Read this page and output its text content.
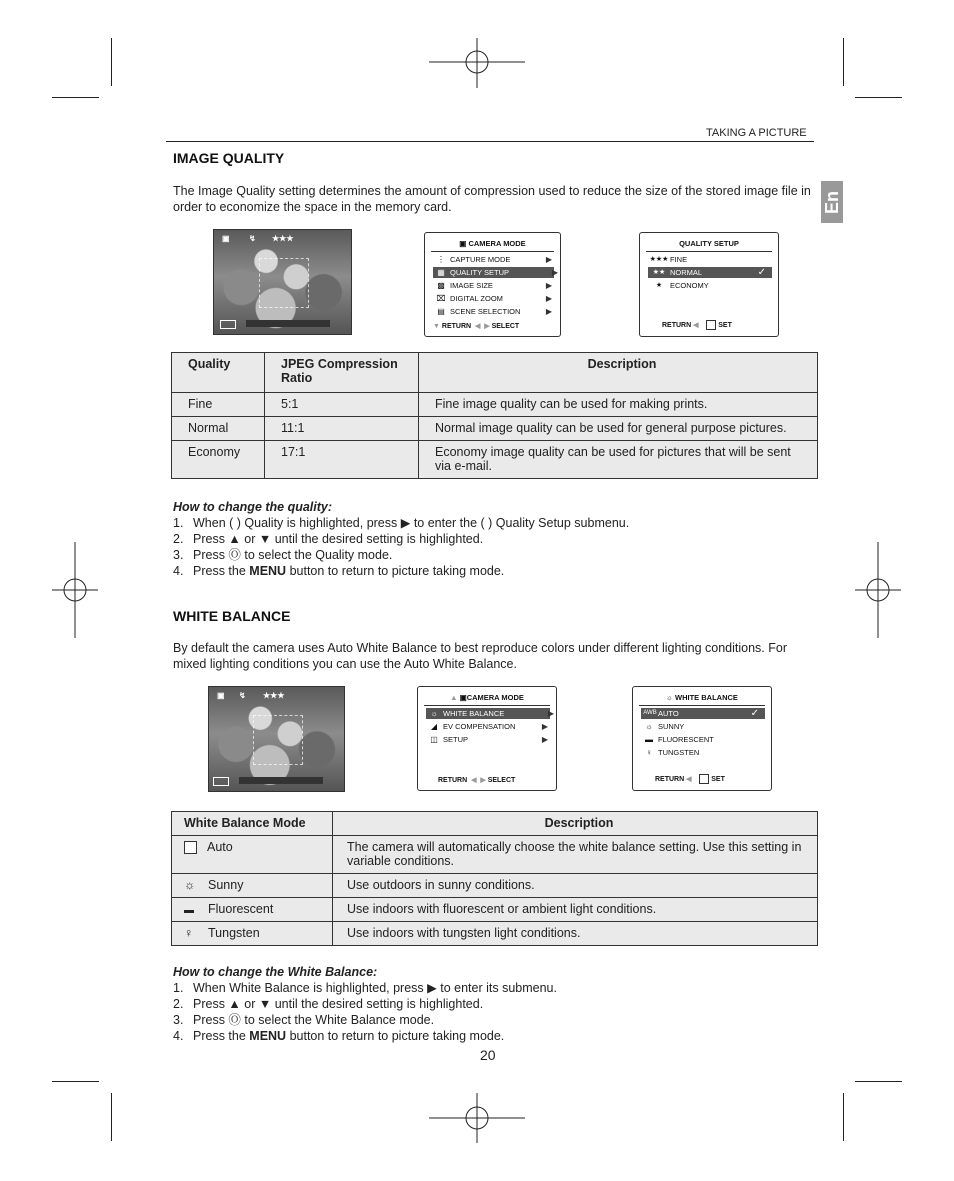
TAKING A PICTURE
En
IMAGE QUALITY
The Image Quality setting determines the amount of compression used to reduce the size of the stored image file in order to economize the space in the memory card.
▣ ↯ ★★★
▣ CAMERA MODE
⋮ CAPTURE MODE	▶
▦ QUALITY SETUP	▶
▩ IMAGE SIZE	▶
⌧ DIGITAL ZOOM	▶
▤ SCENE SELECTION	▶
▼ RETURN  ◀  ▶ SELECT
QUALITY SETUP
★★★ FINE
★★ NORMAL	✓
★	ECONOMY
RETURN ◀	SET
Quality	JPEG Compression Ratio	Description
Fine	5:1	Fine image quality can be used for making prints.
Normal	11:1	Normal image quality can be used for general purpose pictures.
Economy	17:1	Economy image quality can be used for pictures that will be sent via e-mail.
How to change the quality:
1. When ( ) Quality is highlighted, press ▶ to enter the ( ) Quality Setup submenu.
2. Press ▲ or ▼ until the desired setting is highlighted.
3. Press Ⓞ to select the Quality mode.
4. Press the MENU button to return to picture taking mode.
WHITE BALANCE
By default the camera uses Auto White Balance to best reproduce colors under different lighting conditions. For mixed lighting conditions you can use the Auto White Balance.
▣ ↯ ★★★	▲ ▣CAMERA MODE
☼ WHITE BALANCE	▶
◢ EV COMPENSATION	▶
◫ SETUP	▶
RETURN  ◀  ▶ SELECT
☼ WHITE BALANCE
AWB AUTO	✓
☼ SUNNY
▬ FLUORESCENT
♀ TUNGSTEN
RETURN ◀	SET
White Balance Mode	Description
Auto	The camera will automatically choose the white balance setting. Use this setting in variable conditions.
☼ Sunny	Use outdoors in sunny conditions.
▬ Fluorescent	Use indoors with fluorescent or ambient light conditions.
♀ Tungsten	Use indoors with tungsten light conditions.
How to change the White Balance:
1. When White Balance is highlighted, press ▶ to enter its submenu.
2. Press ▲ or ▼ until the desired setting is highlighted.
3. Press Ⓞ to select the White Balance mode.
4. Press the MENU button to return to picture taking mode.
20
